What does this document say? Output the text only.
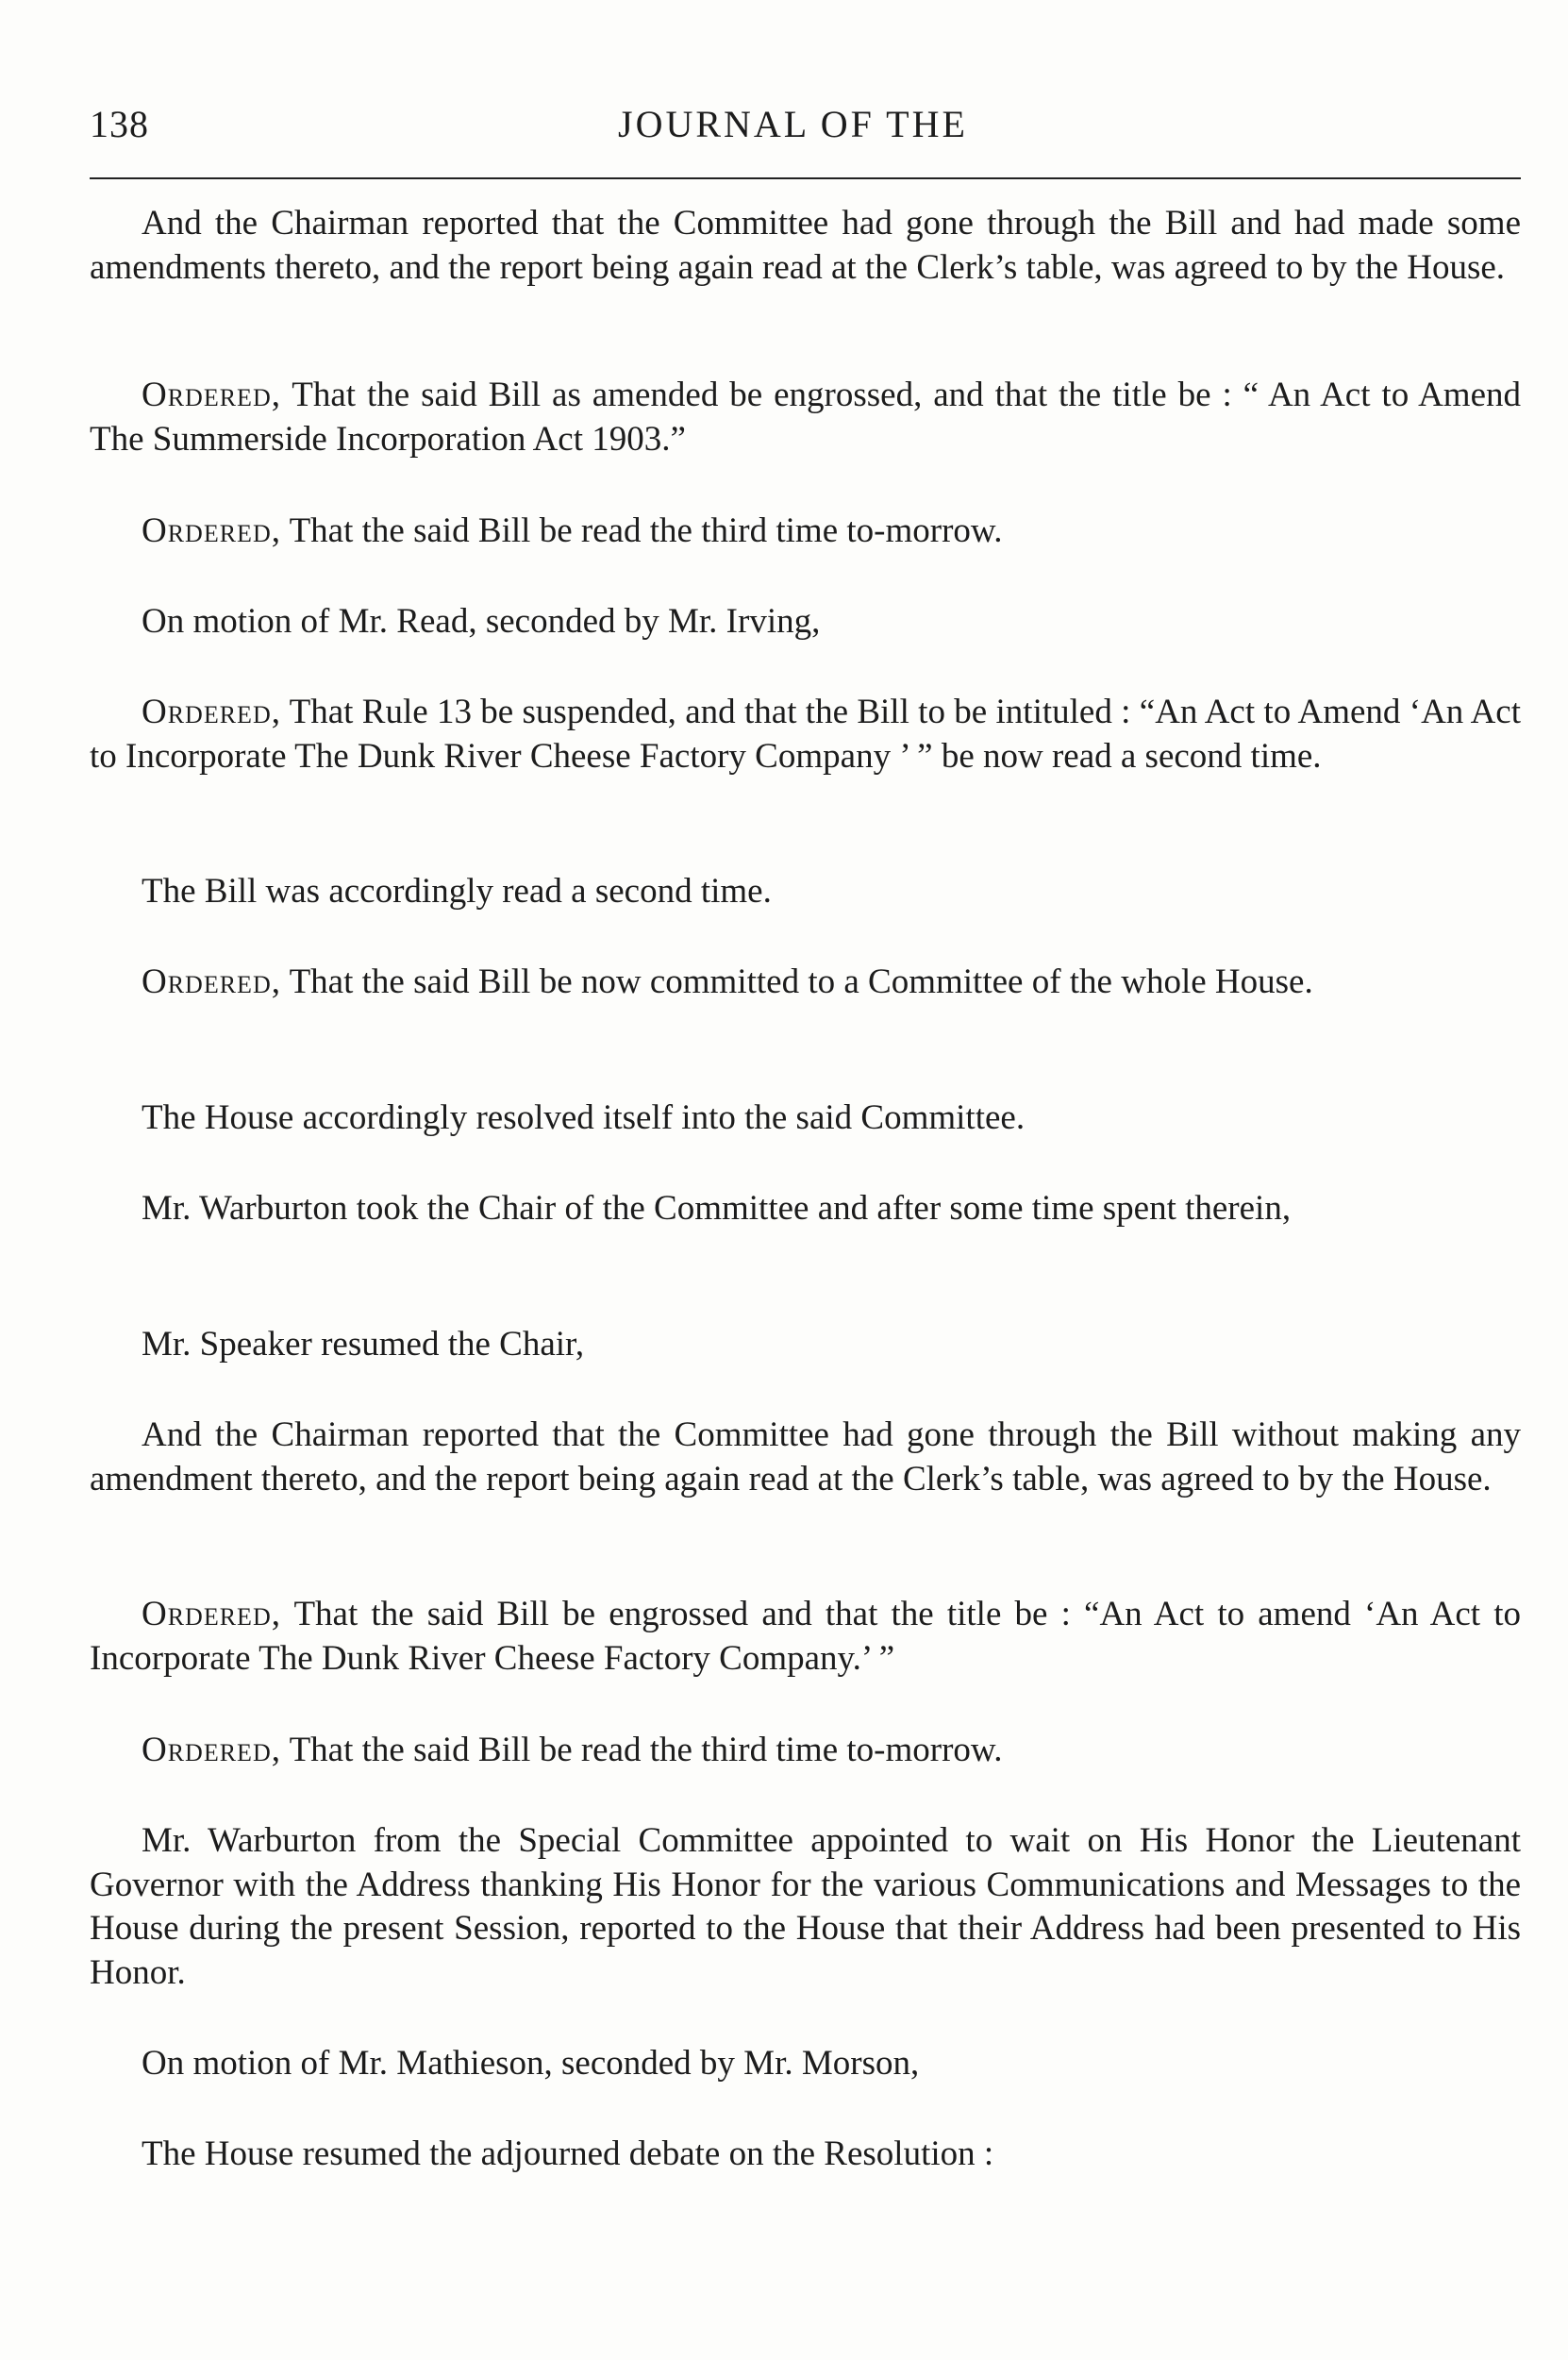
138	JOURNAL OF THE

And the Chairman reported that the Committee had gone through the Bill and had made some amendments thereto, and the report being again read at the Clerk’s table, was agreed to by the House.

Ordered, That the said Bill as amended be engrossed, and that the title be : “ An Act to Amend The Summerside Incorporation Act 1903.”

Ordered, That the said Bill be read the third time to-morrow.

On motion of Mr. Read, seconded by Mr. Irving,

Ordered, That Rule 13 be suspended, and that the Bill to be intituled : “An Act to Amend ‘An Act to Incorporate The Dunk River Cheese Factory Company ’ ” be now read a second time.

The Bill was accordingly read a second time.

Ordered, That the said Bill be now committed to a Committee of the whole House.

The House accordingly resolved itself into the said Committee.

Mr. Warburton took the Chair of the Committee and after some time spent therein,

Mr. Speaker resumed the Chair,

And the Chairman reported that the Committee had gone through the Bill without making any amendment thereto, and the report being again read at the Clerk’s table, was agreed to by the House.

Ordered, That the said Bill be engrossed and that the title be : “An Act to amend ‘An Act to Incorporate The Dunk River Cheese Factory Company.’ ”

Ordered, That the said Bill be read the third time to-morrow.

Mr. Warburton from the Special Committee appointed to wait on His Honor the Lieutenant Governor with the Address thanking His Honor for the various Communications and Messages to the House during the present Session, reported to the House that their Address had been presented to His Honor.

On motion of Mr. Mathieson, seconded by Mr. Morson,

The House resumed the adjourned debate on the Resolution :
